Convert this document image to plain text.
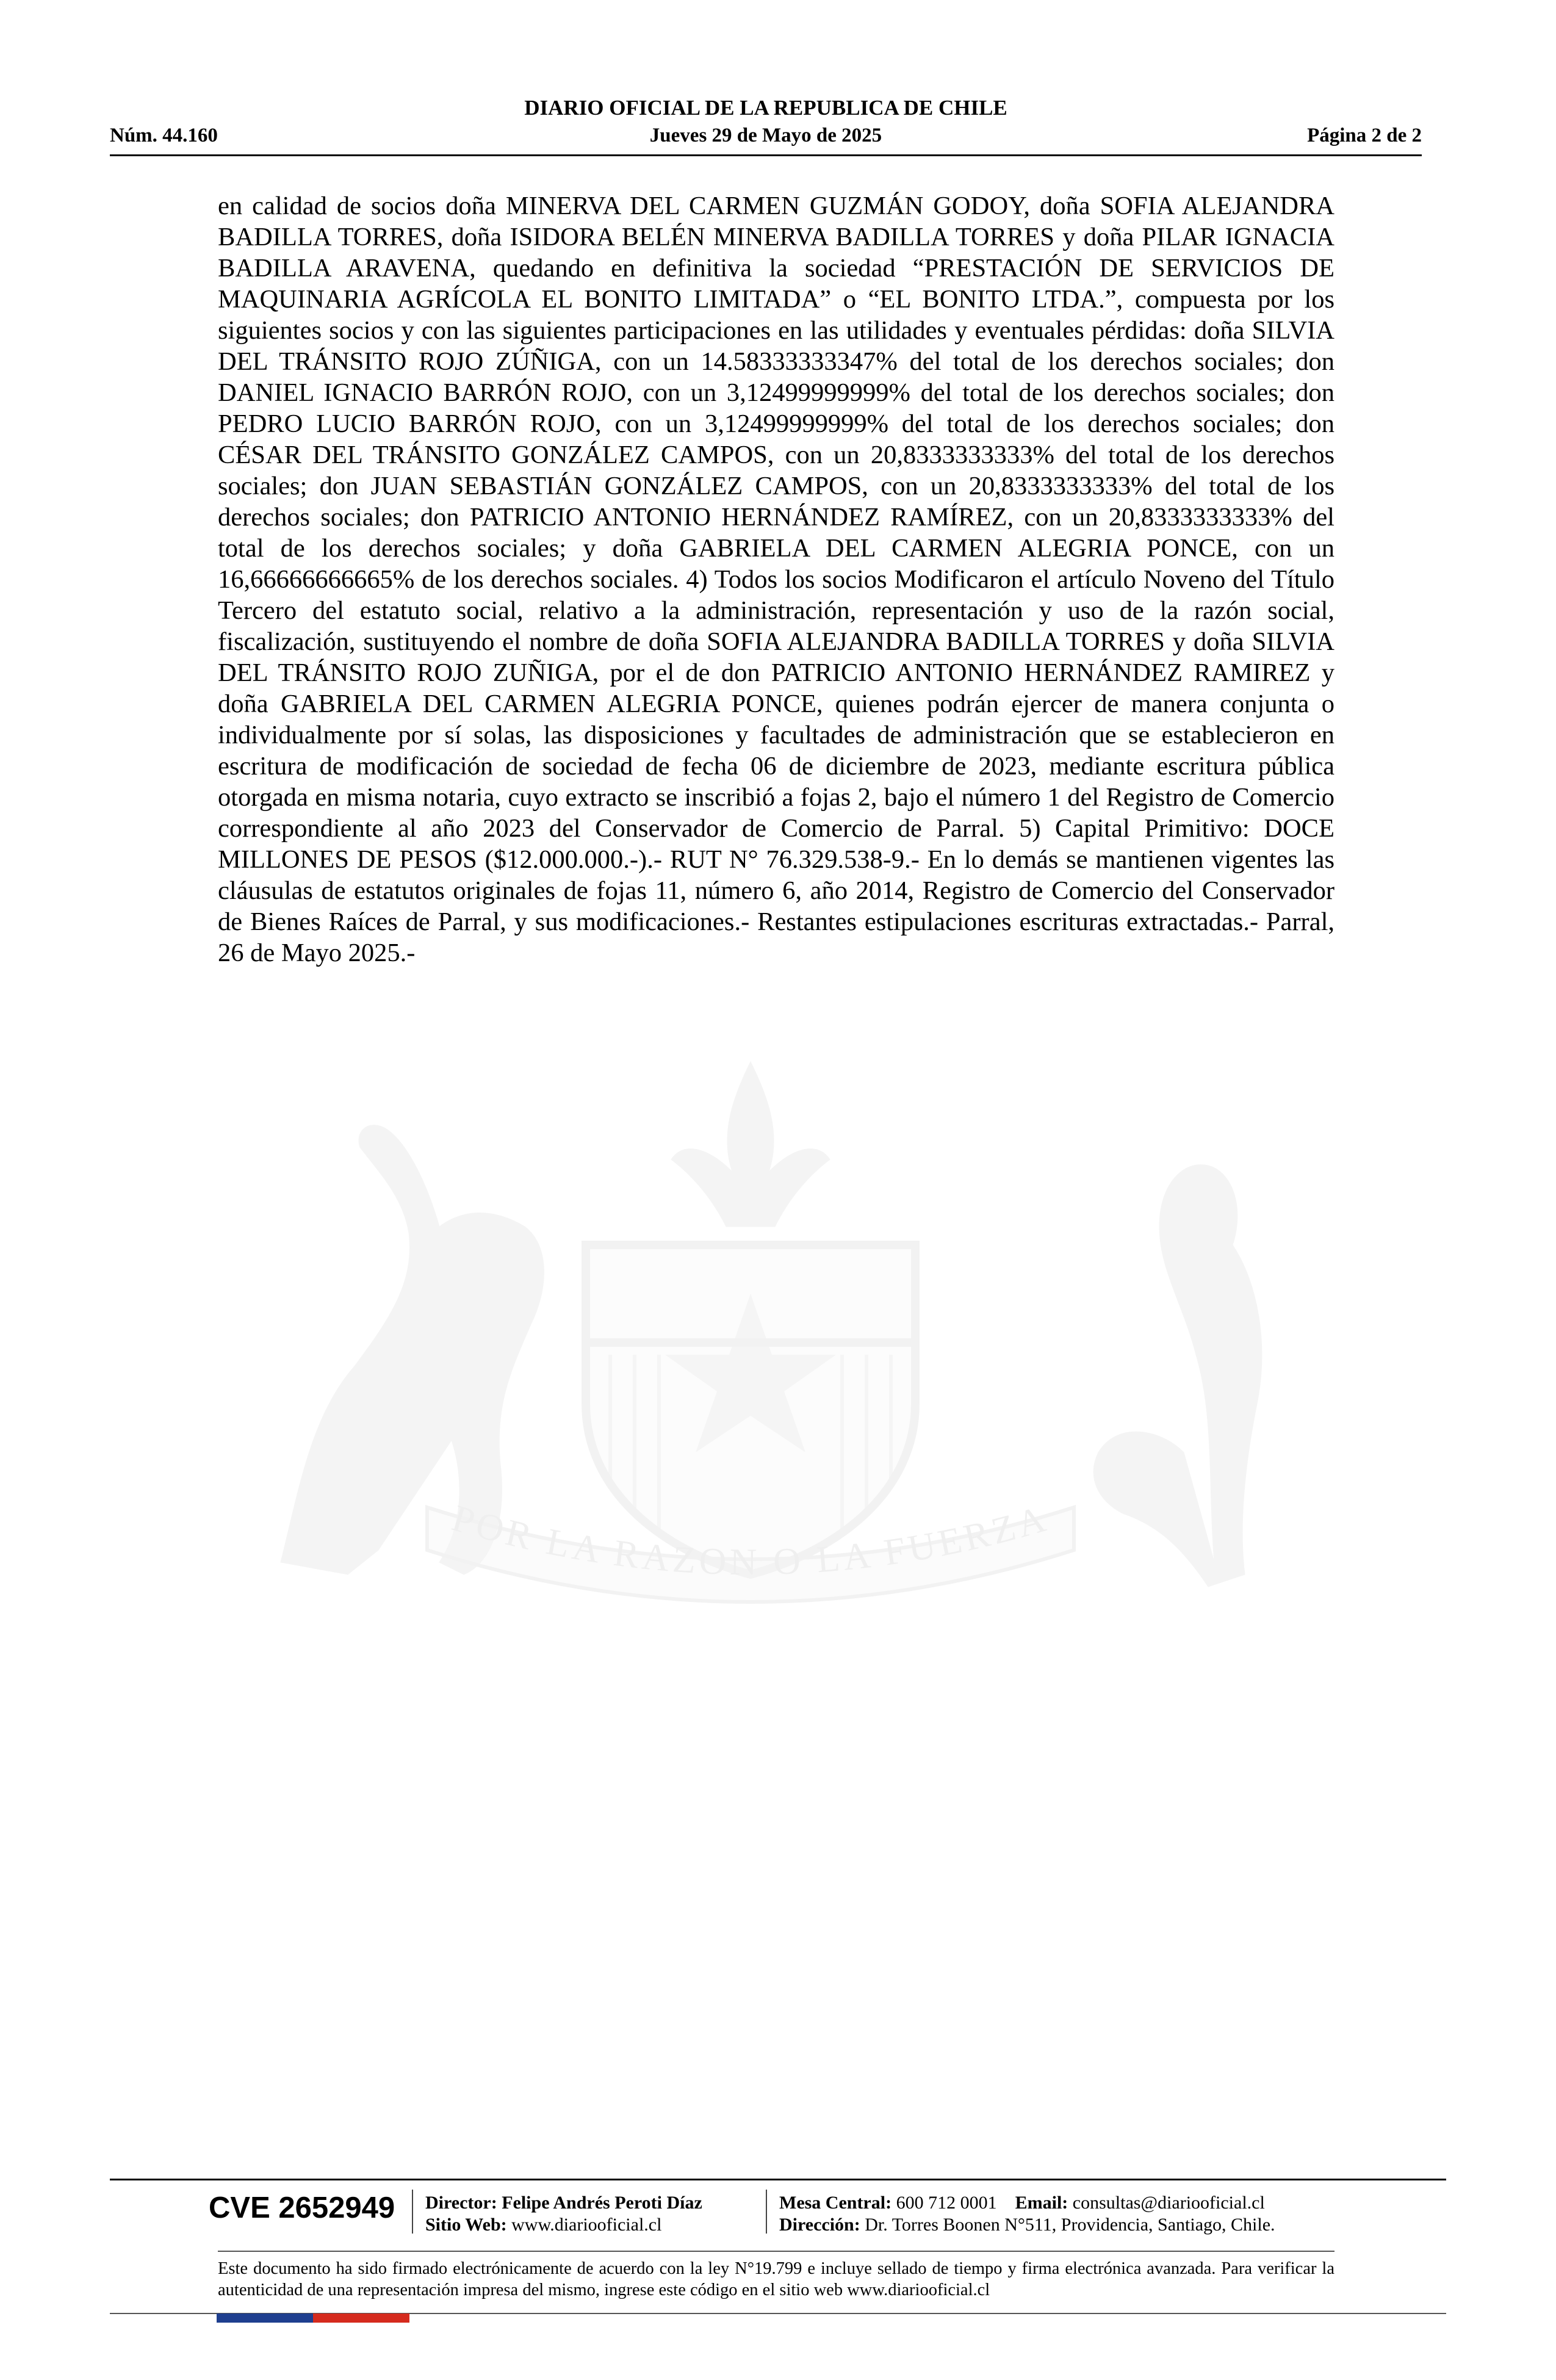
DIARIO OFICIAL DE LA REPUBLICA DE CHILE
Núm. 44.160	Jueves 29 de Mayo de 2025	Página 2 de 2
POR LA RAZON O LA FUERZA
en calidad de socios doña MINERVA DEL CARMEN GUZMÁN GODOY, doña SOFIA ALEJANDRA BADILLA TORRES, doña ISIDORA BELÉN MINERVA BADILLA TORRES y doña PILAR IGNACIA BADILLA ARAVENA, quedando en definitiva la sociedad “PRESTACIÓN DE SERVICIOS DE MAQUINARIA AGRÍCOLA EL BONITO LIMITADA” o “EL BONITO LTDA.”, compuesta por los siguientes socios y con las siguientes participaciones en las utilidades y eventuales pérdidas: doña SILVIA DEL TRÁNSITO ROJO ZÚÑIGA, con un 14.58333333347% del total de los derechos sociales; don DANIEL IGNACIO BARRÓN ROJO, con un 3,12499999999% del total de los derechos sociales; don PEDRO LUCIO BARRÓN ROJO, con un 3,12499999999% del total de los derechos sociales; don CÉSAR DEL TRÁNSITO GONZÁLEZ CAMPOS, con un 20,8333333333% del total de los derechos sociales; don JUAN SEBASTIÁN GONZÁLEZ CAMPOS, con un 20,8333333333% del total de los derechos sociales; don PATRICIO ANTONIO HERNÁNDEZ RAMÍREZ, con un 20,8333333333% del total de los derechos sociales; y doña GABRIELA DEL CARMEN ALEGRIA PONCE, con un 16,66666666665% de los derechos sociales. 4) Todos los socios Modificaron el artículo Noveno del Título Tercero del estatuto social, relativo a la administración, representación y uso de la razón social, fiscalización, sustituyendo el nombre de doña SOFIA ALEJANDRA BADILLA TORRES y doña SILVIA DEL TRÁNSITO ROJO ZUÑIGA, por el de don PATRICIO ANTONIO HERNÁNDEZ RAMIREZ y doña GABRIELA DEL CARMEN ALEGRIA PONCE, quienes podrán ejercer de manera conjunta o individualmente por sí solas, las disposiciones y facultades de administración que se establecieron en escritura de modificación de sociedad de fecha 06 de diciembre de 2023, mediante escritura pública otorgada en misma notaria, cuyo extracto se inscribió a fojas 2, bajo el número 1 del Registro de Comercio correspondiente al año 2023 del Conservador de Comercio de Parral. 5) Capital Primitivo: DOCE MILLONES DE PESOS ($12.000.000.-).- RUT N° 76.329.538-9.- En lo demás se mantienen vigentes las cláusulas de estatutos originales de fojas 11, número 6, año 2014, Registro de Comercio del Conservador de Bienes Raíces de Parral, y sus modificaciones.- Restantes estipulaciones escrituras extractadas.- Parral, 26 de Mayo 2025.-
CVE 2652949 Director: Felipe Andrés Peroti Díaz
Sitio Web: www.diariooficial.cl
Mesa Central: 600 712 0001 Email: consultas@diariooficial.cl
Dirección: Dr. Torres Boonen N°511, Providencia, Santiago, Chile.
Este documento ha sido firmado electrónicamente de acuerdo con la ley N°19.799 e incluye sellado de tiempo y firma electrónica avanzada. Para verificar la autenticidad de una representación impresa del mismo, ingrese este código en el sitio web www.diariooficial.cl
